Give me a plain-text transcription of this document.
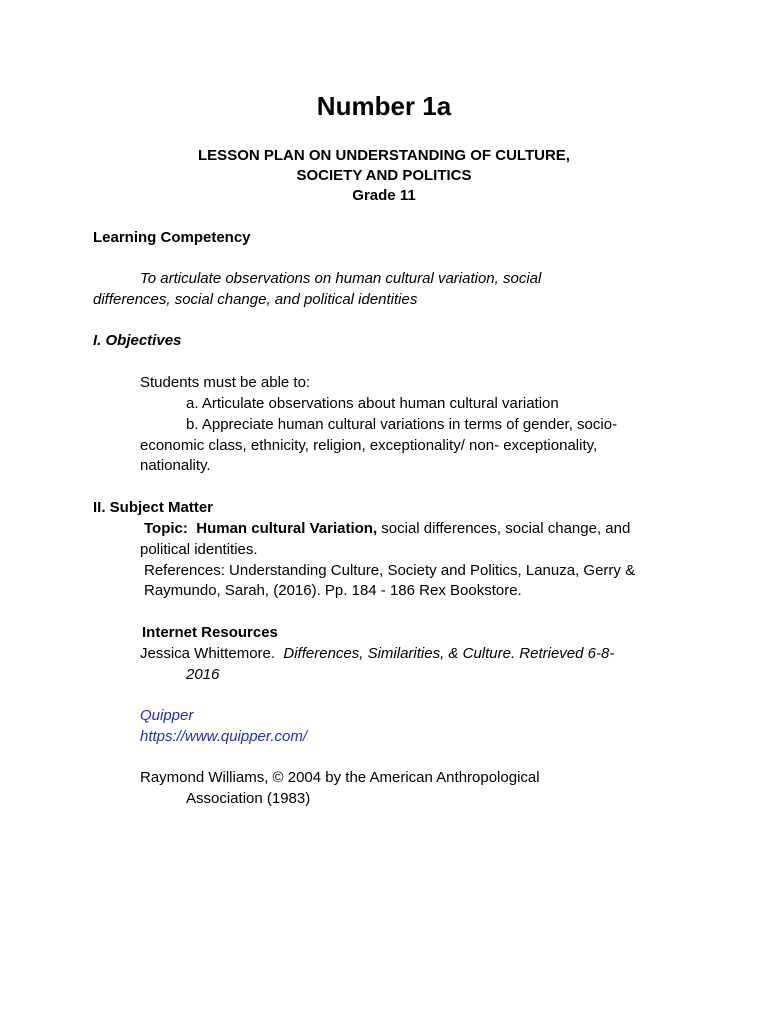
Number 1a
LESSON PLAN ON UNDERSTANDING OF CULTURE,
SOCIETY AND POLITICS
Grade 11
Learning Competency
To articulate observations on human cultural variation, social
differences, social change, and political identities
I. Objectives
Students must be able to:
a. Articulate observations about human cultural variation
b. Appreciate human cultural variations in terms of gender, socio-
economic class, ethnicity, religion, exceptionality/ non- exceptionality,
nationality.
II. Subject Matter
Topic: Human cultural Variation, social differences, social change, and
political identities.
References: Understanding Culture, Society and Politics, Lanuza, Gerry &
Raymundo, Sarah, (2016). Pp. 184 - 186 Rex Bookstore.
Internet Resources
Jessica Whittemore. Differences, Similarities, & Culture. Retrieved 6-8-
2016
Quipper
https://www.quipper.com/
Raymond Williams, © 2004 by the American Anthropological
Association (1983)
